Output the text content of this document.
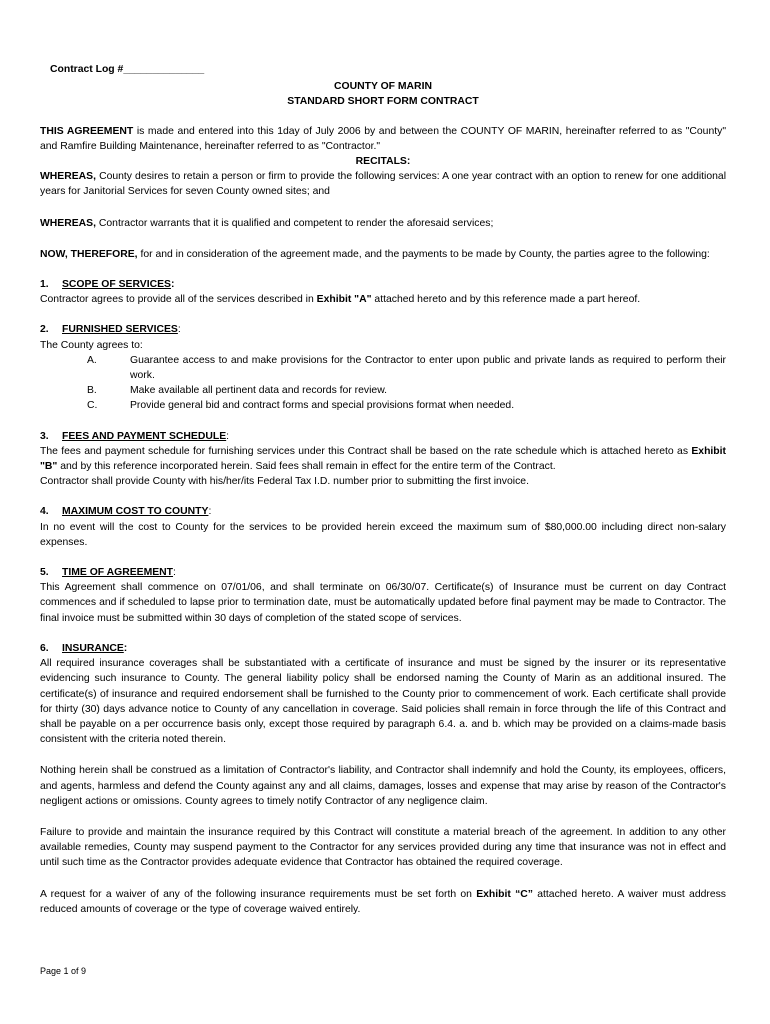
Contract Log #______________
COUNTY OF MARIN
STANDARD SHORT FORM CONTRACT

THIS AGREEMENT is made and entered into this 1day of July 2006 by and between the COUNTY OF MARIN, hereinafter referred to as "County" and Ramfire Building Maintenance, hereinafter referred to as "Contractor."

RECITALS:

WHEREAS, County desires to retain a person or firm to provide the following services: A one year contract with an option to renew for one additional years for Janitorial Services for seven County owned sites; and

WHEREAS, Contractor warrants that it is qualified and competent to render the aforesaid services;

NOW, THEREFORE, for and in consideration of the agreement made, and the payments to be made by County, the parties agree to the following:

1. SCOPE OF SERVICES:

Contractor agrees to provide all of the services described in Exhibit "A" attached hereto and by this reference made a part hereof.

2. FURNISHED SERVICES:

The County agrees to:

A.	Guarantee access to and make provisions for the Contractor to enter upon public and private lands as required to perform their work.
B.	Make available all pertinent data and records for review.
C.	Provide general bid and contract forms and special provisions format when needed.
3. FEES AND PAYMENT SCHEDULE:

The fees and payment schedule for furnishing services under this Contract shall be based on the rate schedule which is attached hereto as Exhibit "B" and by this reference incorporated herein. Said fees shall remain in effect for the entire term of the Contract.

Contractor shall provide County with his/her/its Federal Tax I.D. number prior to submitting the first invoice.

4. MAXIMUM COST TO COUNTY:

In no event will the cost to County for the services to be provided herein exceed the maximum sum of $80,000.00 including direct non-salary expenses.

5. TIME OF AGREEMENT:

This Agreement shall commence on 07/01/06, and shall terminate on 06/30/07. Certificate(s) of Insurance must be current on day Contract commences and if scheduled to lapse prior to termination date, must be automatically updated before final payment may be made to Contractor. The final invoice must be submitted within 30 days of completion of the stated scope of services.

6. INSURANCE:

All required insurance coverages shall be substantiated with a certificate of insurance and must be signed by the insurer or its representative evidencing such insurance to County. The general liability policy shall be endorsed naming the County of Marin as an additional insured. The certificate(s) of insurance and required endorsement shall be furnished to the County prior to commencement of work. Each certificate shall provide for thirty (30) days advance notice to County of any cancellation in coverage. Said policies shall remain in force through the life of this Contract and shall be payable on a per occurrence basis only, except those required by paragraph 6.4. a. and b. which may be provided on a claims-made basis consistent with the criteria noted therein.

Nothing herein shall be construed as a limitation of Contractor's liability, and Contractor shall indemnify and hold the County, its employees, officers, and agents, harmless and defend the County against any and all claims, damages, losses and expense that may arise by reason of the Contractor's negligent actions or omissions. County agrees to timely notify Contractor of any negligence claim.

Failure to provide and maintain the insurance required by this Contract will constitute a material breach of the agreement. In addition to any other available remedies, County may suspend payment to the Contractor for any services provided during any time that insurance was not in effect and until such time as the Contractor provides adequate evidence that Contractor has obtained the required coverage.

A request for a waiver of any of the following insurance requirements must be set forth on Exhibit “C” attached hereto. A waiver must address reduced amounts of coverage or the type of coverage waived entirely.

Page 1 of 9
